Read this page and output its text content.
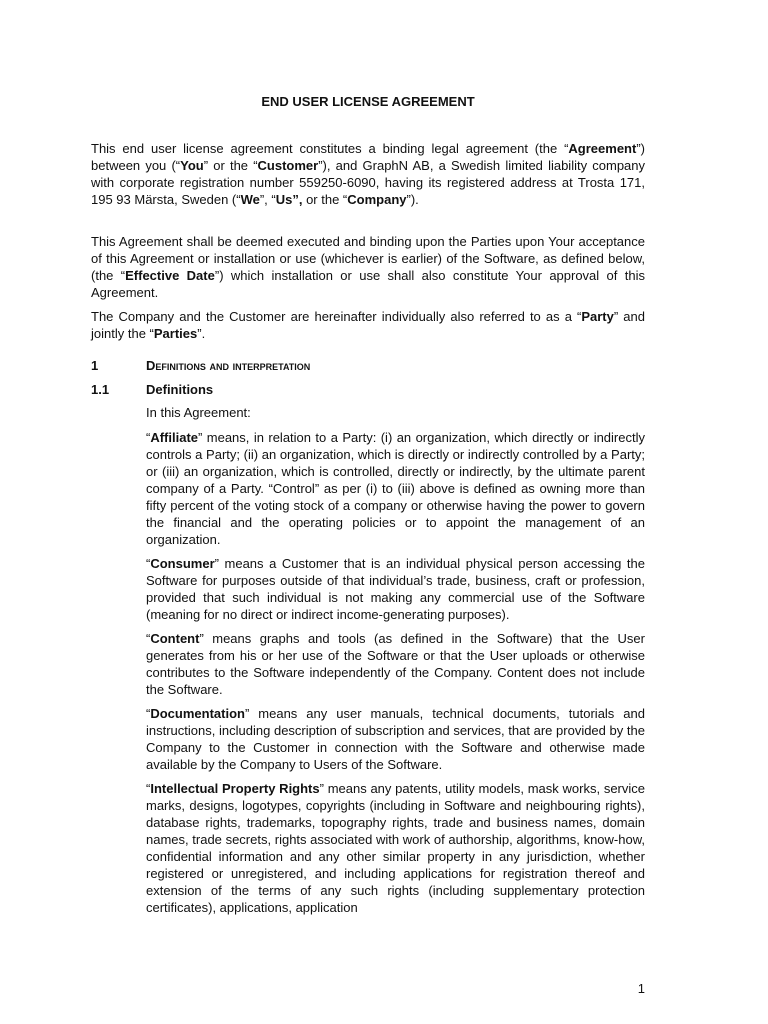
END USER LICENSE AGREEMENT

This end user license agreement constitutes a binding legal agreement (the “Agreement”) between you (“You” or the “Customer”), and GraphN AB, a Swedish limited liability company with corporate registration number 559250-6090, having its registered address at Trosta 171, 195 93 Märsta, Sweden (“We”, “Us”, or the “Company”).

This Agreement shall be deemed executed and binding upon the Parties upon Your acceptance of this Agreement or installation or use (whichever is earlier) of the Software, as defined below, (the “Effective Date”) which installation or use shall also constitute Your approval of this Agreement.

The Company and the Customer are hereinafter individually also referred to as a “Party” and jointly the “Parties”.

1	Definitions and interpretation
1.1	Definitions

In this Agreement:

“Affiliate” means, in relation to a Party: (i) an organization, which directly or indirectly controls a Party; (ii) an organization, which is directly or indirectly controlled by a Party; or (iii) an organization, which is controlled, directly or indirectly, by the ultimate parent company of a Party. “Control” as per (i) to (iii) above is defined as owning more than fifty percent of the voting stock of a company or otherwise having the power to govern the financial and the operating policies or to appoint the management of an organization.

“Consumer” means a Customer that is an individual physical person accessing the Software for purposes outside of that individual’s trade, business, craft or profession, provided that such individual is not making any commercial use of the Software (meaning for no direct or indirect income-generating purposes).

“Content” means graphs and tools (as defined in the Software) that the User generates from his or her use of the Software or that the User uploads or otherwise contributes to the Software independently of the Company. Content does not include the Software.

“Documentation” means any user manuals, technical documents, tutorials and instructions, including description of subscription and services, that are provided by the Company to the Customer in connection with the Software and otherwise made available by the Company to Users of the Software.

“Intellectual Property Rights” means any patents, utility models, mask works, service marks, designs, logotypes, copyrights (including in Software and neighbouring rights), database rights, trademarks, topography rights, trade and business names, domain names, trade secrets, rights associated with work of authorship, algorithms, know-how, confidential information and any other similar property in any jurisdiction, whether registered or unregistered, and including applications for registration thereof and extension of the terms of any such rights (including supplementary protection certificates), applications, application

1
